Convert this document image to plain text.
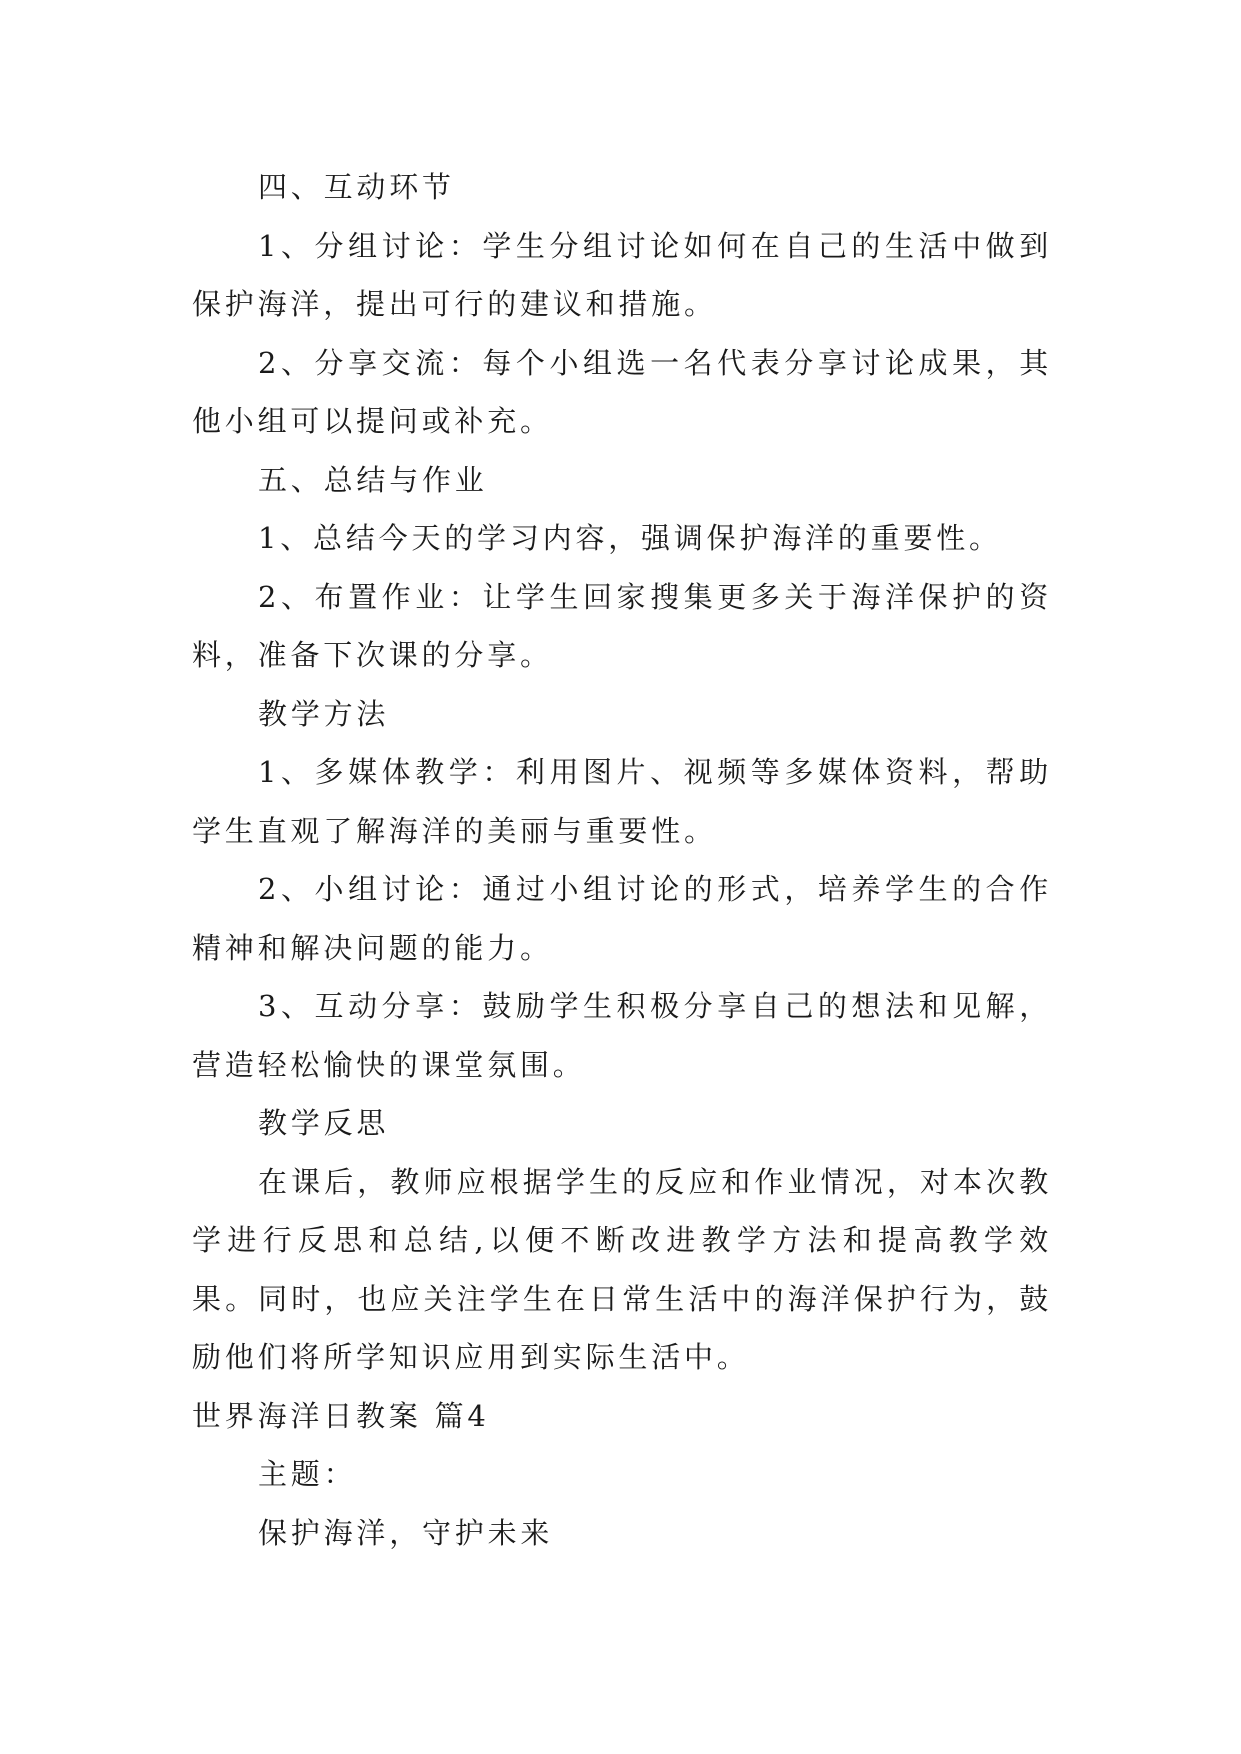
四、互动环节

1、分组讨论：学生分组讨论如何在自己的生活中做到保护海洋，提出可行的建议和措施。

2、分享交流：每个小组选一名代表分享讨论成果，其他小组可以提问或补充。

五、总结与作业

1、总结今天的学习内容，强调保护海洋的重要性。

2、布置作业：让学生回家搜集更多关于海洋保护的资料，准备下次课的分享。

教学方法

1、多媒体教学：利用图片、视频等多媒体资料，帮助学生直观了解海洋的美丽与重要性。

2、小组讨论：通过小组讨论的形式，培养学生的合作精神和解决问题的能力。

3、互动分享：鼓励学生积极分享自己的想法和见解，营造轻松愉快的课堂氛围。

教学反思

在课后，教师应根据学生的反应和作业情况，对本次教学进行反思和总结,以便不断改进教学方法和提高教学效果。同时，也应关注学生在日常生活中的海洋保护行为，鼓励他们将所学知识应用到实际生活中。

世界海洋日教案 篇4

主题：

保护海洋，守护未来
